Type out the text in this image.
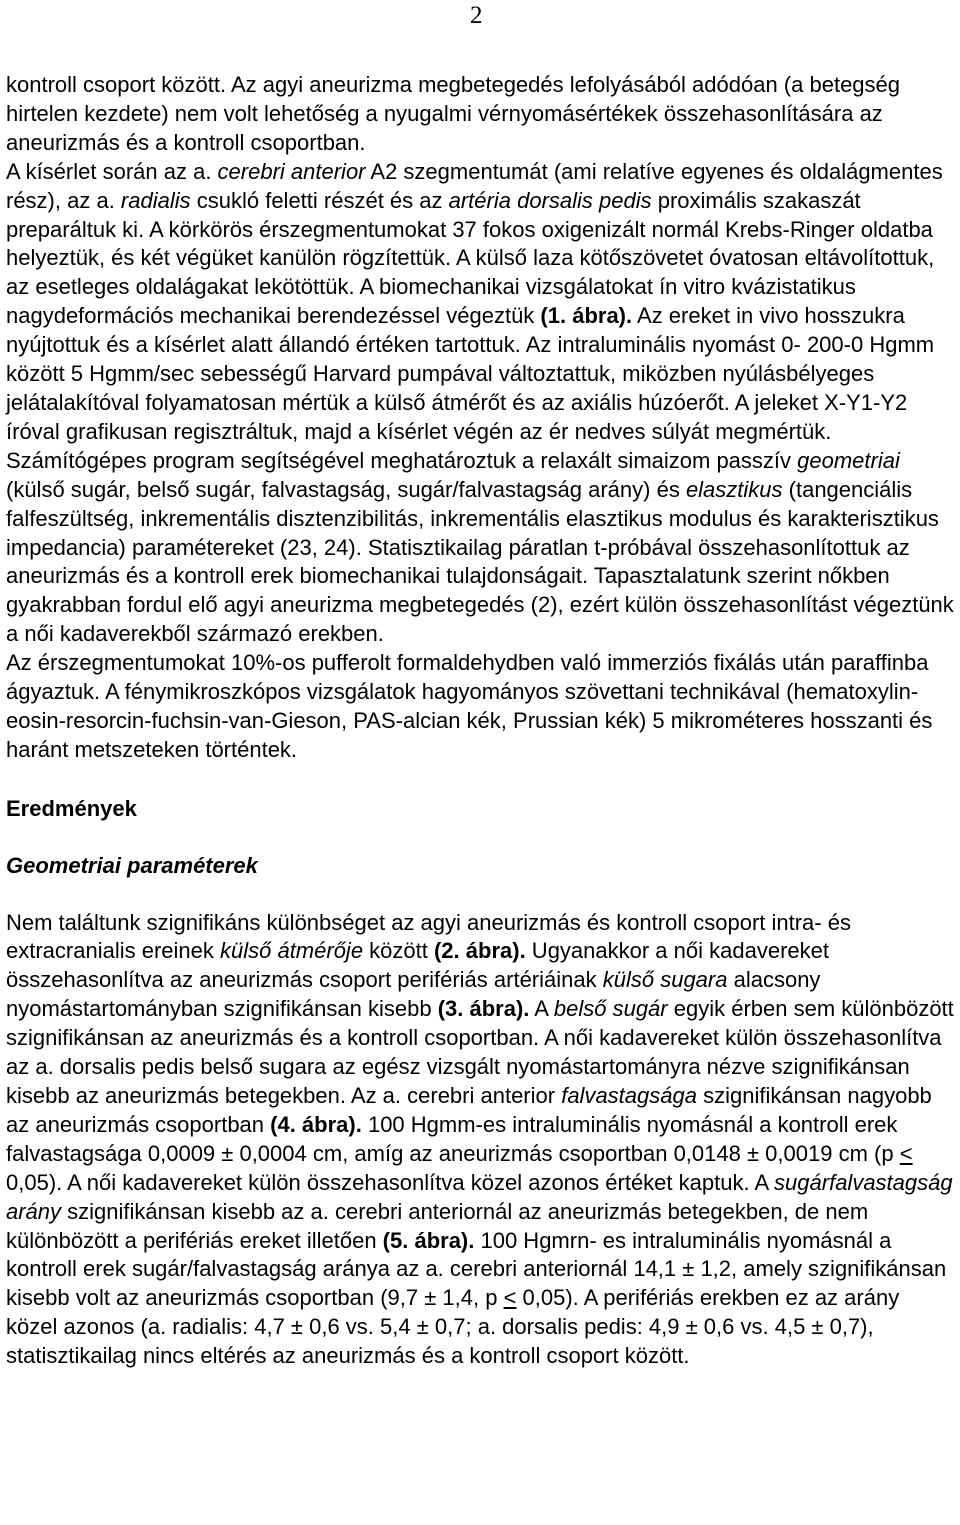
2

kontroll csoport között. Az agyi aneurizma megbetegedés lefolyásából adódóan (a betegség hirtelen kezdete) nem volt lehetőség a nyugalmi vérnyomásértékek összehasonlítására az aneurizmás és a kontroll csoportban.
A kísérlet során az a. cerebri anterior A2 szegmentumát (ami relatíve egyenes és oldalágmentes rész), az a. radialis csukló feletti részét és az artéria dorsalis pedis proximális szakaszát preparáltuk ki. A körkörös érszegmentumokat 37 fokos oxigenizált normál Krebs-Ringer oldatba helyeztük, és két végüket kanülön rögzítettük. A külső laza kötőszövetet óvatosan eltávolítottuk, az esetleges oldalágakat lekötöttük. A biomechanikai vizsgálatokat ín vitro kvázistatikus nagydeformációs mechanikai berendezéssel végeztük (1. ábra). Az ereket in vivo hosszukra nyújtottuk és a kísérlet alatt állandó értéken tartottuk. Az intraluminális nyomást 0- 200-0 Hgmm között 5 Hgmm/sec sebességű Harvard pumpával változtattuk, miközben nyúlásbélyeges jelátalakítóval folyamatosan mértük a külső átmérőt és az axiális húzóerőt. A jeleket X-Y1-Y2 íróval grafikusan regisztráltuk, majd a kísérlet végén az ér nedves súlyát megmértük. Számítógépes program segítségével meghatároztuk a relaxált simaizom passzív geometriai (külső sugár, belső sugár, falvastagság, sugár/falvastagság arány) és elasztikus (tangenciális falfeszültség, inkrementális disztenzibilitás, inkrementális elasztikus modulus és karakterisztikus impedancia) paramétereket (23, 24). Statisztikailag páratlan t-próbával összehasonlítottuk az aneurizmás és a kontroll erek biomechanikai tulajdonságait. Tapasztalatunk szerint nőkben gyakrabban fordul elő agyi aneurizma megbetegedés (2), ezért külön összehasonlítást végeztünk a női kadaverekből származó erekben.

Az érszegmentumokat 10%-os pufferolt formaldehydben való immerziós fixálás után paraffinba ágyaztuk. A fénymikroszkópos vizsgálatok hagyományos szövettani technikával (hematoxylin-eosin-resorcin-fuchsin-van-Gieson, PAS-alcian kék, Prussian kék) 5 mikrométeres hosszanti és haránt metszeteken történtek.

Eredmények

Geometriai paraméterek

Nem találtunk szignifikáns különbséget az agyi aneurizmás és kontroll csoport intra- és extracranialis ereinek külső átmérője között (2. ábra). Ugyanakkor a női kadavereket összehasonlítva az aneurizmás csoport perifériás artériáinak külső sugara alacsony nyomástartományban szignifikánsan kisebb (3. ábra). A belső sugár egyik érben sem különbözött szignifikánsan az aneurizmás és a kontroll csoportban. A női kadavereket külön összehasonlítva az a. dorsalis pedis belső sugara az egész vizsgált nyomástartományra nézve szignifikánsan kisebb az aneurizmás betegekben. Az a. cerebri anterior falvastagsága szignifikánsan nagyobb az aneurizmás csoportban (4. ábra). 100 Hgmm-es intraluminális nyomásnál a kontroll erek falvastagsága 0,0009 ± 0,0004 cm, amíg az aneurizmás csoportban 0,0148 ± 0,0019 cm (p < 0,05). A női kadavereket külön összehasonlítva közel azonos értéket kaptuk. A sugárfalvastagság arány szignifikánsan kisebb az a. cerebri anteriornál az aneurizmás betegekben, de nem különbözött a perifériás ereket illetően (5. ábra). 100 Hgmrn- es intraluminális nyomásnál a kontroll erek sugár/falvastagság aránya az a. cerebri anteriornál 14,1 ± 1,2, amely szignifikánsan kisebb volt az aneurizmás csoportban (9,7 ± 1,4, p < 0,05). A perifériás erekben ez az arány közel azonos (a. radialis: 4,7 ± 0,6 vs. 5,4 ± 0,7; a. dorsalis pedis: 4,9 ± 0,6 vs. 4,5 ± 0,7), statisztikailag nincs eltérés az aneurizmás és a kontroll csoport között.
